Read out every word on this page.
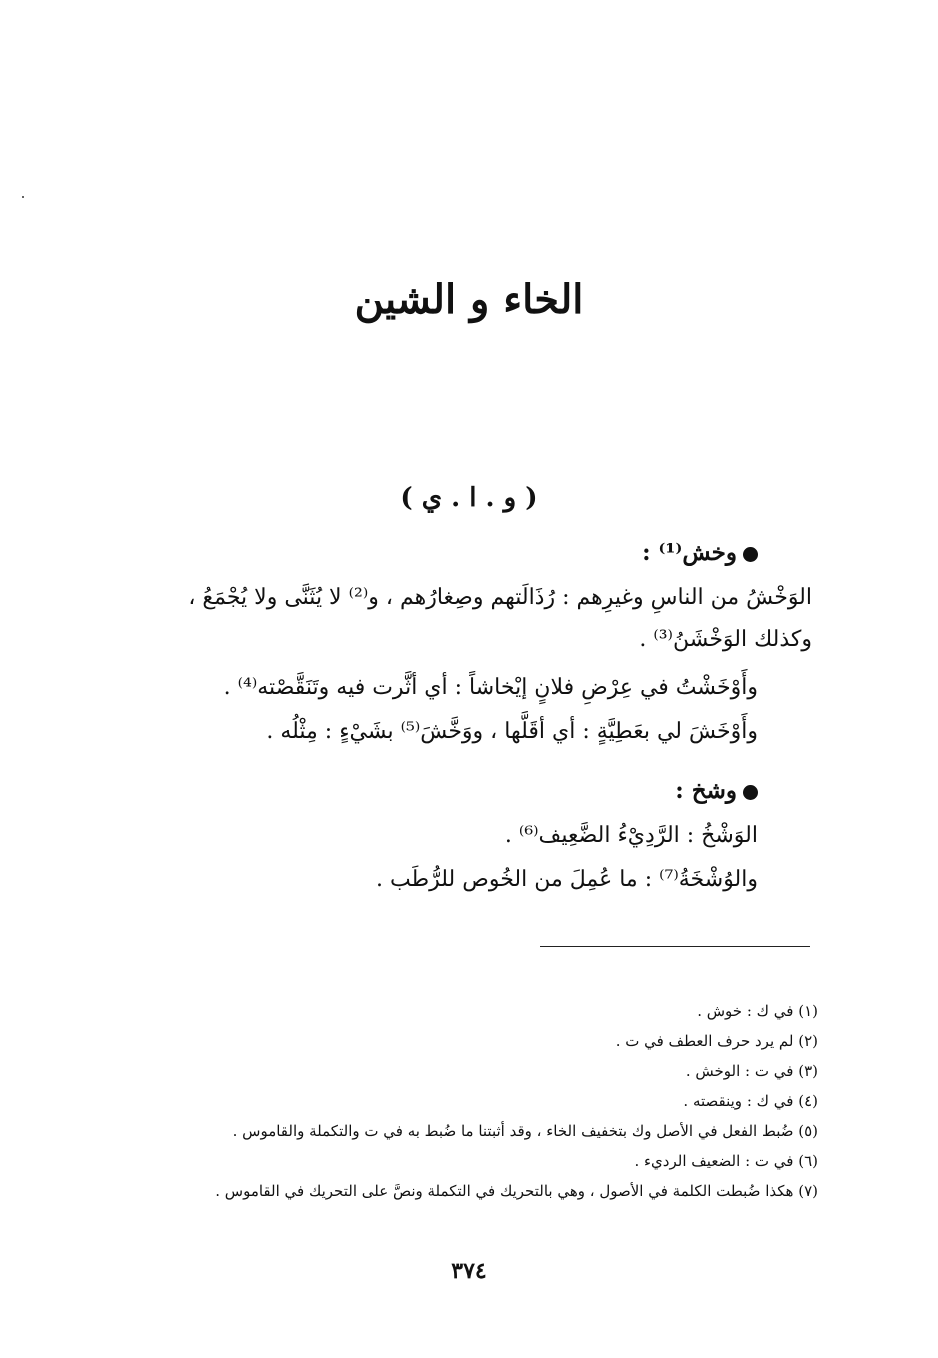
الخاء و الشين
( و . ا . ي )
وخش⁽¹⁾ :
الوَخْشُ من الناسِ وغيرِهم : رُذَالَتهم وصِغارُهم ، و⁽²⁾ لا يُثَنَّى ولا يُجْمَعُ ،
وكذلك الوَخْشَنُ⁽³⁾ .
وأَوْخَشْتُ في عِرْضِ فلانٍ إيْخاشاً : أي أثَّرت فيه وتَنَقَّصْته⁽⁴⁾ .
وأَوْخَشَ لي بعَطِيَّةٍ : أي أقَلَّها ، ووَخَّشَ⁽⁵⁾ بشَيْءٍ : مِثْلُه .
وشخ :
الوَشْخُ : الرَّدِيْءُ الضَّعِيف⁽⁶⁾ .
والوُشْخَةُ⁽⁷⁾ : ما عُمِلَ من الخُوص للرُّطَب .
(١) في ك : خوش .
(٢) لم يرد حرف العطف في ت .
(٣) في ت : الوخش .
(٤) في ك : وينقصته .
(٥) ضُبط الفعل في الأصل وك بتخفيف الخاء ، وقد أثبتنا ما ضُبط به في ت والتكملة والقاموس .
(٦) في ت : الضعيف الرديء .
(٧) هكذا ضُبطت الكلمة في الأصول ، وهي بالتحريك في التكملة ونصَّ على التحريك في القاموس .
٣٧٤
